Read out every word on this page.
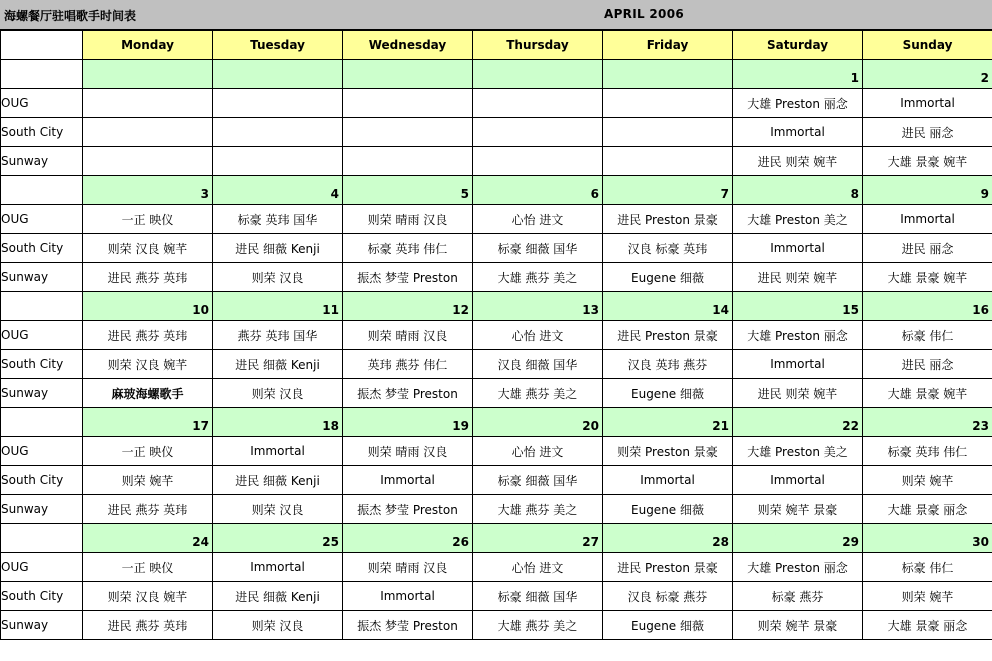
海螺餐厅驻唱歌手时间表	APRIL 2006
	Monday	Tuesday	Wednesday	Thursday	Friday	Saturday	Sunday
						1	2
OUG						大雄 Preston 丽念	Immortal
South City						Immortal	进民 丽念
Sunway						进民 则荣 婉芊	大雄 景豪 婉芊
	3	4	5	6	7	8	9
OUG	一正 映仪	标豪 英玮 国华	则荣 晴雨 汉良	心怡 进文	进民 Preston 景豪	大雄 Preston 美之	Immortal
South City	则荣 汉良 婉芊	进民 细薇 Kenji	标豪 英玮 伟仁	标豪 细薇 国华	汉良 标豪 英玮	Immortal	进民 丽念
Sunway	进民 燕芬 英玮	则荣 汉良	振杰 梦莹 Preston	大雄 燕芬 美之	Eugene 细薇	进民 则荣 婉芊	大雄 景豪 婉芊
	10	11	12	13	14	15	16
OUG	进民 燕芬 英玮	燕芬 英玮 国华	则荣 晴雨 汉良	心怡 进文	进民 Preston 景豪	大雄 Preston 丽念	标豪 伟仁
South City	则荣 汉良 婉芊	进民 细薇 Kenji	英玮 燕芬 伟仁	汉良 细薇 国华	汉良 英玮 燕芬	Immortal	进民 丽念
Sunway	麻玻海螺歌手	则荣 汉良	振杰 梦莹 Preston	大雄 燕芬 美之	Eugene 细薇	进民 则荣 婉芊	大雄 景豪 婉芊
	17	18	19	20	21	22	23
OUG	一正 映仪	Immortal	则荣 晴雨 汉良	心怡 进文	则荣 Preston 景豪	大雄 Preston 美之	标豪 英玮 伟仁
South City	则荣 婉芊	进民 细薇 Kenji	Immortal	标豪 细薇 国华	Immortal	Immortal	则荣 婉芊
Sunway	进民 燕芬 英玮	则荣 汉良	振杰 梦莹 Preston	大雄 燕芬 美之	Eugene 细薇	则荣 婉芊 景豪	大雄 景豪 丽念
	24	25	26	27	28	29	30
OUG	一正 映仪	Immortal	则荣 晴雨 汉良	心怡 进文	进民 Preston 景豪	大雄 Preston 丽念	标豪 伟仁
South City	则荣 汉良 婉芊	进民 细薇 Kenji	Immortal	标豪 细薇 国华	汉良 标豪 燕芬	标豪 燕芬	则荣 婉芊
Sunway	进民 燕芬 英玮	则荣 汉良	振杰 梦莹 Preston	大雄 燕芬 美之	Eugene 细薇	则荣 婉芊 景豪	大雄 景豪 丽念
